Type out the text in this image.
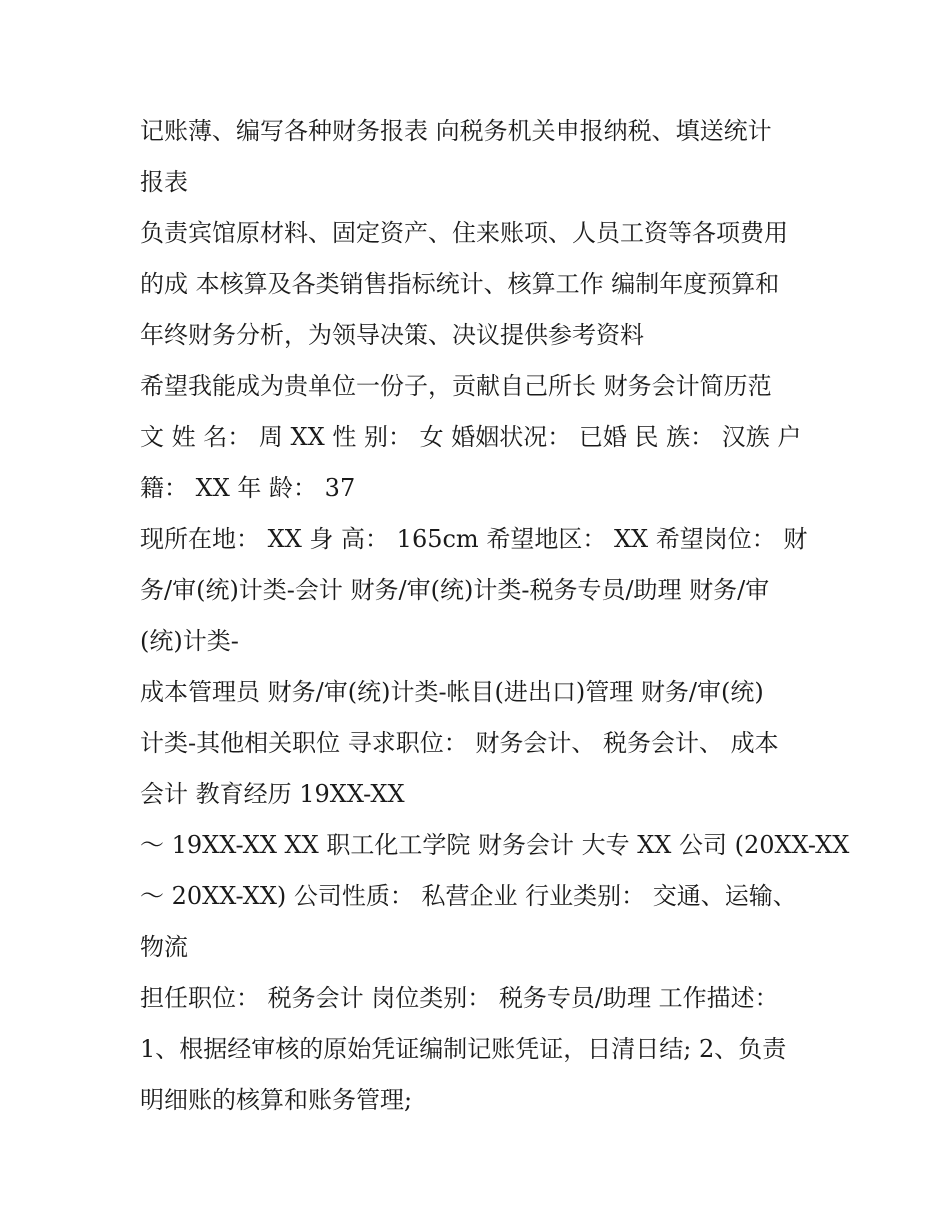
记账薄、编写各种财务报表 向税务机关申报纳税、填送统计
报表
负责宾馆原材料、固定资产、住来账项、人员工资等各项费用
的成 本核算及各类销售指标统计、核算工作 编制年度预算和
年终财务分析，为领导决策、决议提供参考资料
希望我能成为贵单位一份子，贡献自己所长 财务会计简历范
文 姓 名： 周 XX 性 别： 女 婚姻状况： 已婚 民 族： 汉族 户
籍： XX 年 龄： 37
现所在地： XX 身 高： 165cm 希望地区： XX 希望岗位： 财
务/审(统)计类-会计 财务/审(统)计类-税务专员/助理 财务/审
(统)计类-
成本管理员 财务/审(统)计类-帐目(进出口)管理 财务/审(统)
计类-其他相关职位 寻求职位： 财务会计、 税务会计、 成本
会计 教育经历 19XX-XX
～ 19XX-XX XX 职工化工学院 财务会计 大专 XX 公司 (20XX-XX
～ 20XX-XX) 公司性质： 私营企业 行业类别： 交通、运输、
物流
担任职位： 税务会计 岗位类别： 税务专员/助理 工作描述：
1、根据经审核的原始凭证编制记账凭证，日清日结; 2、负责
明细账的核算和账务管理;
